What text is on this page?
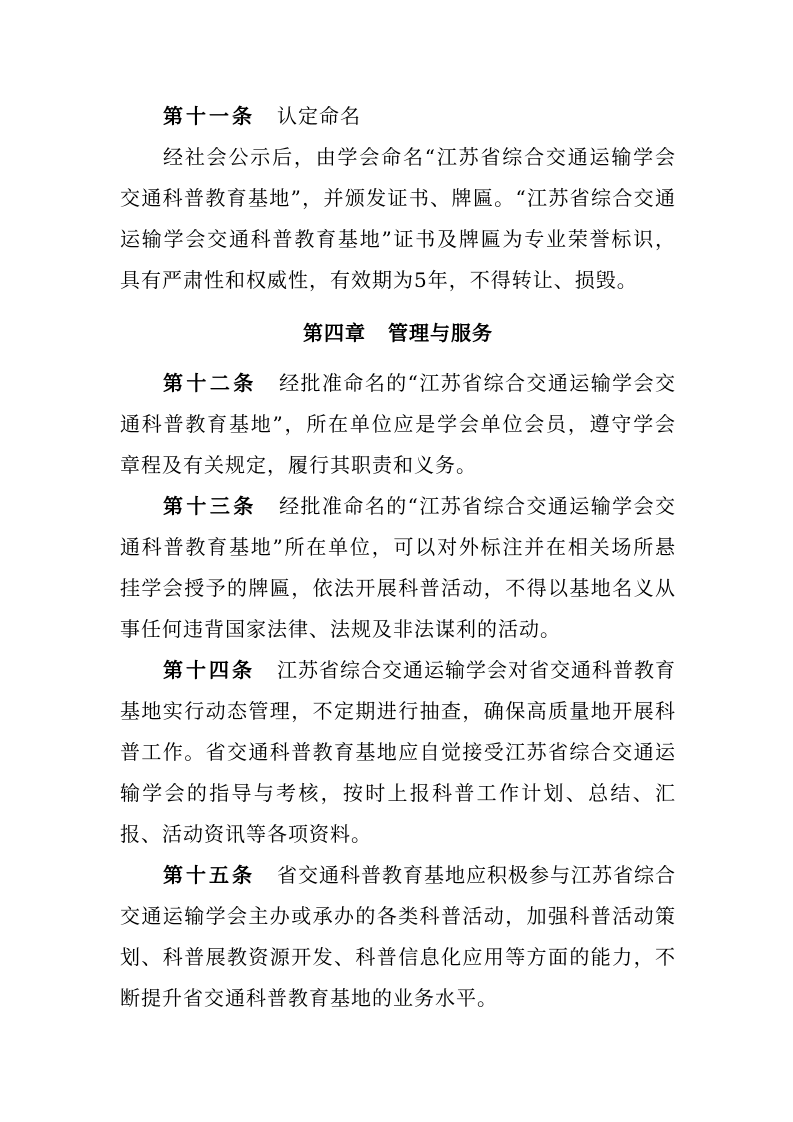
第十一条 认定命名

经社会公示后，由学会命名“江苏省综合交通运输学会交通科普教育基地”，并颁发证书、牌匾。“江苏省综合交通运输学会交通科普教育基地”证书及牌匾为专业荣誉标识，具有严肃性和权威性，有效期为5年，不得转让、损毁。

第四章 管理与服务

第十二条 经批准命名的“江苏省综合交通运输学会交通科普教育基地”，所在单位应是学会单位会员，遵守学会章程及有关规定，履行其职责和义务。

第十三条 经批准命名的“江苏省综合交通运输学会交通科普教育基地”所在单位，可以对外标注并在相关场所悬挂学会授予的牌匾，依法开展科普活动，不得以基地名义从事任何违背国家法律、法规及非法谋利的活动。

第十四条 江苏省综合交通运输学会对省交通科普教育基地实行动态管理，不定期进行抽查，确保高质量地开展科普工作。省交通科普教育基地应自觉接受江苏省综合交通运输学会的指导与考核，按时上报科普工作计划、总结、汇报、活动资讯等各项资料。

第十五条 省交通科普教育基地应积极参与江苏省综合交通运输学会主办或承办的各类科普活动，加强科普活动策划、科普展教资源开发、科普信息化应用等方面的能力，不断提升省交通科普教育基地的业务水平。
